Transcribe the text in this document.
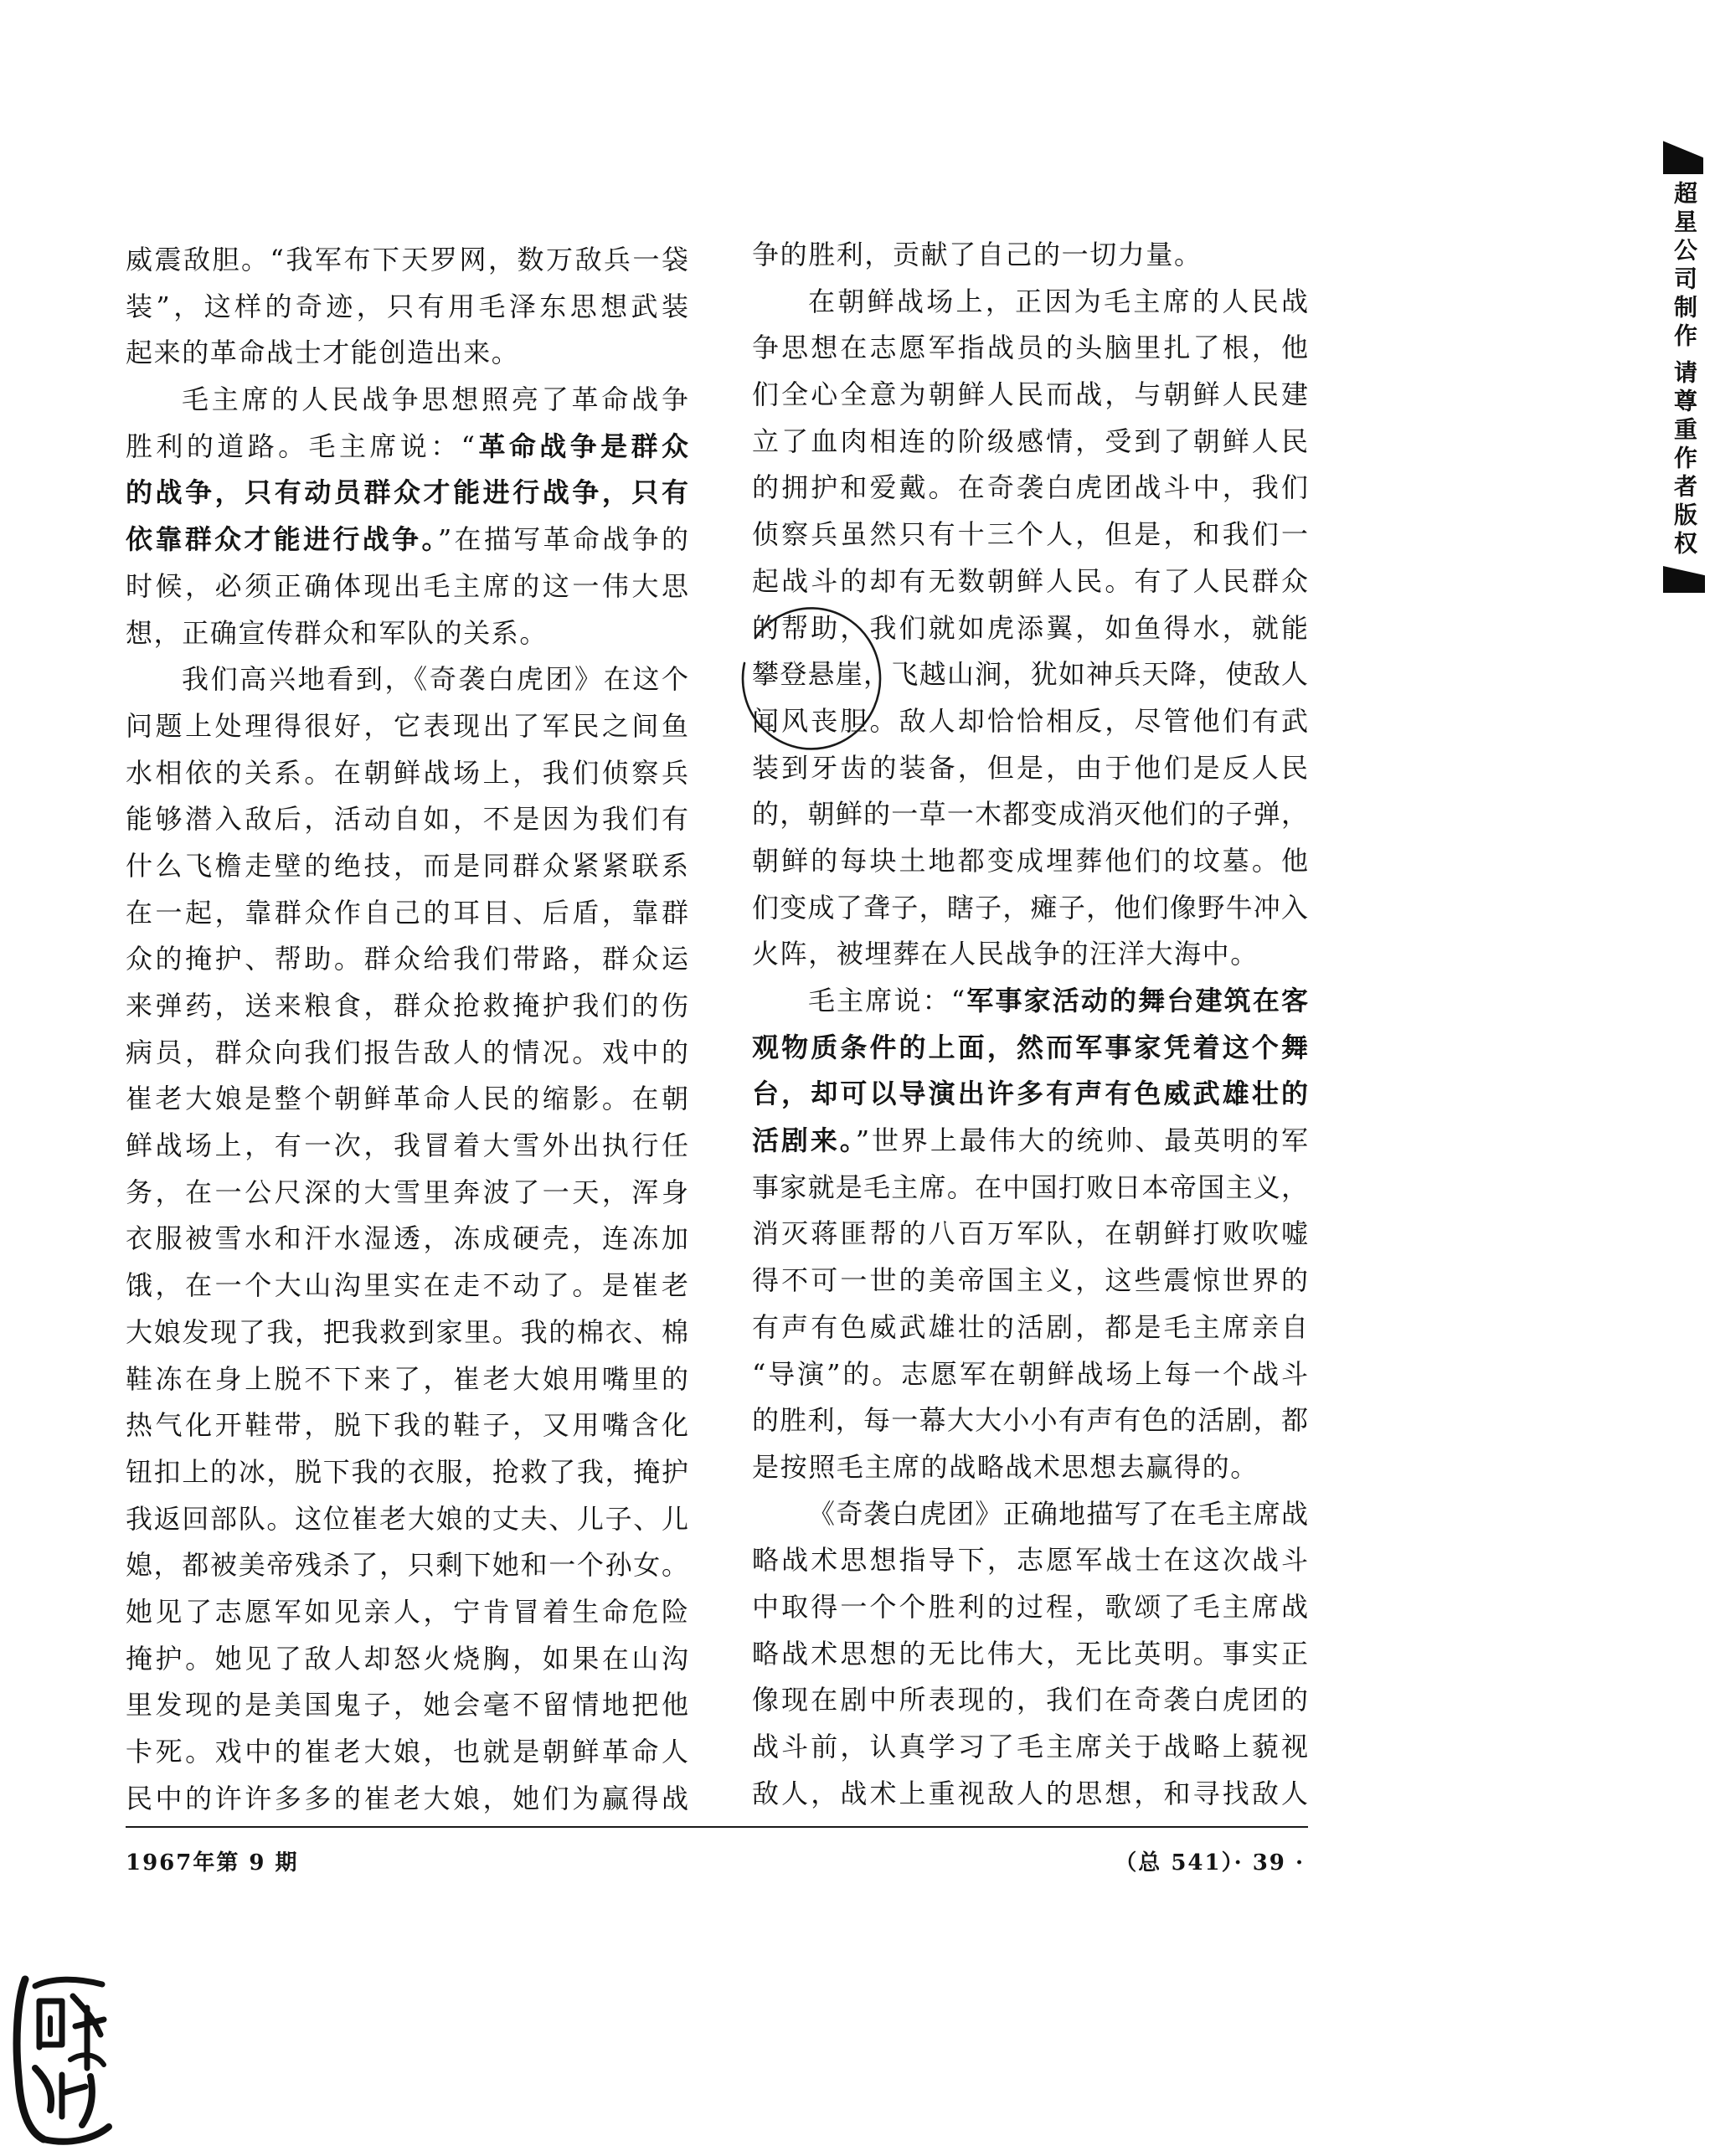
威震敌胆。“我军布下天罗网，数万敌兵一袋
装”，这样的奇迹，只有用毛泽东思想武装
起来的革命战士才能创造出来。
毛主席的人民战争思想照亮了革命战争
胜利的道路。毛主席说：“革命战争是群众
的战争，只有动员群众才能进行战争，只有
依靠群众才能进行战争。”在描写革命战争的
时候，必须正确体现出毛主席的这一伟大思
想，正确宣传群众和军队的关系。
我们高兴地看到，《奇袭白虎团》在这个
问题上处理得很好，它表现出了军民之间鱼
水相依的关系。在朝鲜战场上，我们侦察兵
能够潜入敌后，活动自如，不是因为我们有
什么飞檐走壁的绝技，而是同群众紧紧联系
在一起，靠群众作自己的耳目、后盾，靠群
众的掩护、帮助。群众给我们带路，群众运
来弹药，送来粮食，群众抢救掩护我们的伤
病员，群众向我们报告敌人的情况。戏中的
崔老大娘是整个朝鲜革命人民的缩影。在朝
鲜战场上，有一次，我冒着大雪外出执行任
务，在一公尺深的大雪里奔波了一天，浑身
衣服被雪水和汗水湿透，冻成硬壳，连冻加
饿，在一个大山沟里实在走不动了。是崔老
大娘发现了我，把我救到家里。我的棉衣、棉
鞋冻在身上脱不下来了，崔老大娘用嘴里的
热气化开鞋带，脱下我的鞋子，又用嘴含化
钮扣上的冰，脱下我的衣服，抢救了我，掩护
我返回部队。这位崔老大娘的丈夫、儿子、儿
媳，都被美帝残杀了，只剩下她和一个孙女。
她见了志愿军如见亲人，宁肯冒着生命危险
掩护。她见了敌人却怒火烧胸，如果在山沟
里发现的是美国鬼子，她会毫不留情地把他
卡死。戏中的崔老大娘，也就是朝鲜革命人
民中的许许多多的崔老大娘，她们为赢得战
争的胜利，贡献了自己的一切力量。
在朝鲜战场上，正因为毛主席的人民战
争思想在志愿军指战员的头脑里扎了根，他
们全心全意为朝鲜人民而战，与朝鲜人民建
立了血肉相连的阶级感情，受到了朝鲜人民
的拥护和爱戴。在奇袭白虎团战斗中，我们
侦察兵虽然只有十三个人，但是，和我们一
起战斗的却有无数朝鲜人民。有了人民群众
的帮助，我们就如虎添翼，如鱼得水，就能
攀登悬崖，飞越山涧，犹如神兵天降，使敌人
闻风丧胆。敌人却恰恰相反，尽管他们有武
装到牙齿的装备，但是，由于他们是反人民
的，朝鲜的一草一木都变成消灭他们的子弹，
朝鲜的每块土地都变成埋葬他们的坟墓。他
们变成了聋子，瞎子，瘫子，他们像野牛冲入
火阵，被埋葬在人民战争的汪洋大海中。
毛主席说：“军事家活动的舞台建筑在客
观物质条件的上面，然而军事家凭着这个舞
台，却可以导演出许多有声有色威武雄壮的
活剧来。”世界上最伟大的统帅、最英明的军
事家就是毛主席。在中国打败日本帝国主义，
消灭蒋匪帮的八百万军队，在朝鲜打败吹嘘
得不可一世的美帝国主义，这些震惊世界的
有声有色威武雄壮的活剧，都是毛主席亲自
“导演”的。志愿军在朝鲜战场上每一个战斗
的胜利，每一幕大大小小有声有色的活剧，都
是按照毛主席的战略战术思想去赢得的。
《奇袭白虎团》正确地描写了在毛主席战
略战术思想指导下，志愿军战士在这次战斗
中取得一个个胜利的过程，歌颂了毛主席战
略战术思想的无比伟大，无比英明。事实正
像现在剧中所表现的，我们在奇袭白虎团的
战斗前，认真学习了毛主席关于战略上藐视
敌人，战术上重视敌人的思想，和寻找敌人
1967年第 9 期	（总 541）· 39 ·
超星公司制作请尊重作者版权
